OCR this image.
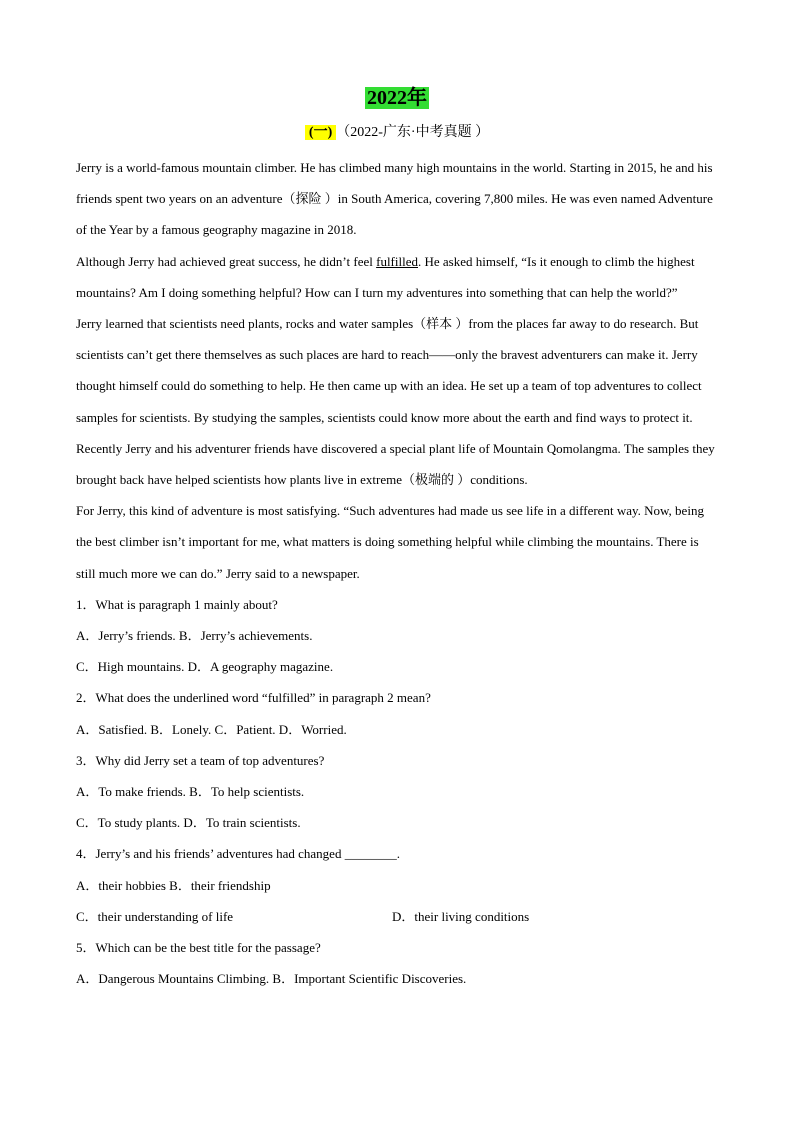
2022年
(一) （2022-广东·中考真题 ）

Jerry is a world-famous mountain climber. He has climbed many high mountains in the world. Starting in 2015, he and his friends spent two years on an adventure（探险 ）in South America, covering 7,800 miles. He was even named Adventure of the Year by a famous geography magazine in 2018.

Although Jerry had achieved great success, he didn’t feel fulfilled. He asked himself, “Is it enough to climb the highest mountains? Am I doing something helpful? How can I turn my adventures into something that can help the world?”

Jerry learned that scientists need plants, rocks and water samples（样本 ）from the places far away to do research. But scientists can’t get there themselves as such places are hard to reach——only the bravest adventurers can make it. Jerry thought himself could do something to help. He then came up with an idea. He set up a team of top adventures to collect samples for scientists. By studying the samples, scientists could know more about the earth and find ways to protect it.

Recently Jerry and his adventurer friends have discovered a special plant life of Mountain Qomolangma. The samples they brought back have helped scientists how plants live in extreme（极端的 ）conditions.

For Jerry, this kind of adventure is most satisfying. “Such adventures had made us see life in a different way. Now, being the best climber isn’t important for me, what matters is doing something helpful while climbing the mountains. There is still much more we can do.” Jerry said to a newspaper.

1．What is paragraph 1 mainly about?

A．Jerry’s friends. B．Jerry’s achievements.

C．High mountains. D．A geography magazine.

2．What does the underlined word “fulfilled” in paragraph 2 mean?

A．Satisfied. B．Lonely. C．Patient. D．Worried.

3．Why did Jerry set a team of top adventures?

A．To make friends. B．To help scientists.

C．To study plants. D．To train scientists.

4．Jerry’s and his friends’ adventures had changed ________.

A．their hobbies B．their friendship

C．their understanding of life	D．their living conditions

5．Which can be the best title for the passage?

A．Dangerous Mountains Climbing. B．Important Scientific Discoveries.
